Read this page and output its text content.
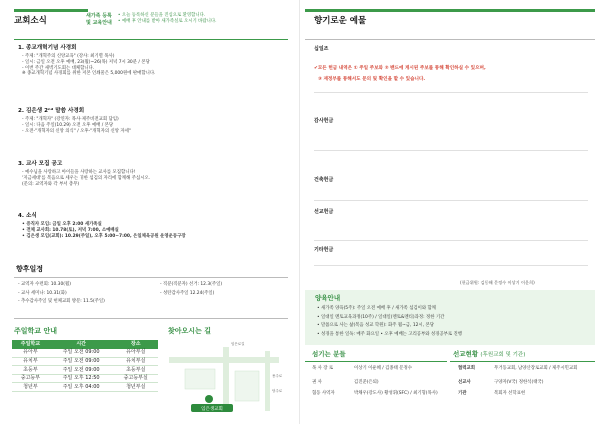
교회소식	새가족 등록
및 교육안내
• 오늘 등록하신 분들을 진심으로 환영합니다.
• 예배 후 안내를 받아 새가족실로 오시기 바랍니다.
1. 종교개혁기념 사경회
- 주제: "개혁주의 신앙교육" (강사: 최기렬 목사)
- 일시: 금일 오전 오후 예배, 23(월)~26(목) 저녁 7시 30분 / 본당
- 이번 주간 새벽기도회는 대체합니다.
※ 종교개혁기념 사경회를 위한 저본 인쇄물은 5,000원에 판매합니다.
2. 김은생 2ⁿᵈ 말씀 사경회
- 주제: "개혁자" (강연자: 목사·제주비전교회 담임)
- 일시: 다음 주일(10.29) 오전 오후 예배 / 본당
- 오전-"개혁자의 신앙 의식" / 오후-"개혁자의 신앙 자세"
3. 교사 모집 공고
- 예수님을 사랑하고 아이들을 사랑하는 교사를 모집합니다!
'지금세대'를 복음으로 세우는 귀한 섬김의 자리에 함께해 주십시오.
(문의: 교역자와 각 부서 총무)
4. 소식
• 증직자 모임: 금일 오후 2:00 새가족실
• 전체 교사회: 10.78(토), 저녁 7:00, 소예배실
• 김은생 모임(교회): 10.29(주일), 오후 5:00~7:00, 은일체육공원 운영운동구장
향후일정
- 교역자 수련회: 10.30(월)
- 교사 세미나: 10.31(화)
- 추수감사주일 및 헌체교회 방문: 11.5(주일)
- 직분(직분자) 선거: 12.3(주일)
- 성탄감사주일 12.24(주일)
주일학교 안내
주일학교	시간	장소
유아부	주일 오전 09:00	유아부실
유치부	주일 오전 09:00	유치부실
초등부	주일 오전 09:00	초등부실
중고등부	주일 오후 12:50	중고등부실
청년부	주일 오후 04:00	청년부실
찾아오시는 길
임은생교회
임은로길
용주로
당주로
향기로운 예물
십일조
✔모든 헌금 내역은 ① 주일 주보와 ② 밴드에 게시된 주보를 통해 확인하실 수 있으며,
③ 재정부를 통해서도 문의 및 확인을 할 수 있습니다.
감사헌금
건축헌금
선교헌금
기타헌금
(헌금위원: 김동해 문정수 이상기 이운희)
양육안내
• 새가족 양육(5주): 주일 오전 예배 후 / 새가족 섬김이와 함께
• 일대일 멘토교육과정(10주) / 일대일(멘토&멘티)과정: 정한 기간
• 말씀으로 사는 삶(복음 성교 학원): 화주 월~금, 12시, 본당
• 성경을 통한 일독: 매주 화요일 • 오후 예배는 고리공부와 성경공부로 진행
섬기는 분들
목 사 장 로	이상기 이운혜 / 김종태 문정수
권 사	김진준(은퇴)
협동 사역자	박채우(강도사) 황성휘(SFC) / 최기형(목사)
선교현황 (후원교회 및 기관)
협력교회	무거동교회, 남양산장로교회 / 제주시민교회
선교사	구양자(V국) 정한석(태국)
기관	복회자 선학표현
